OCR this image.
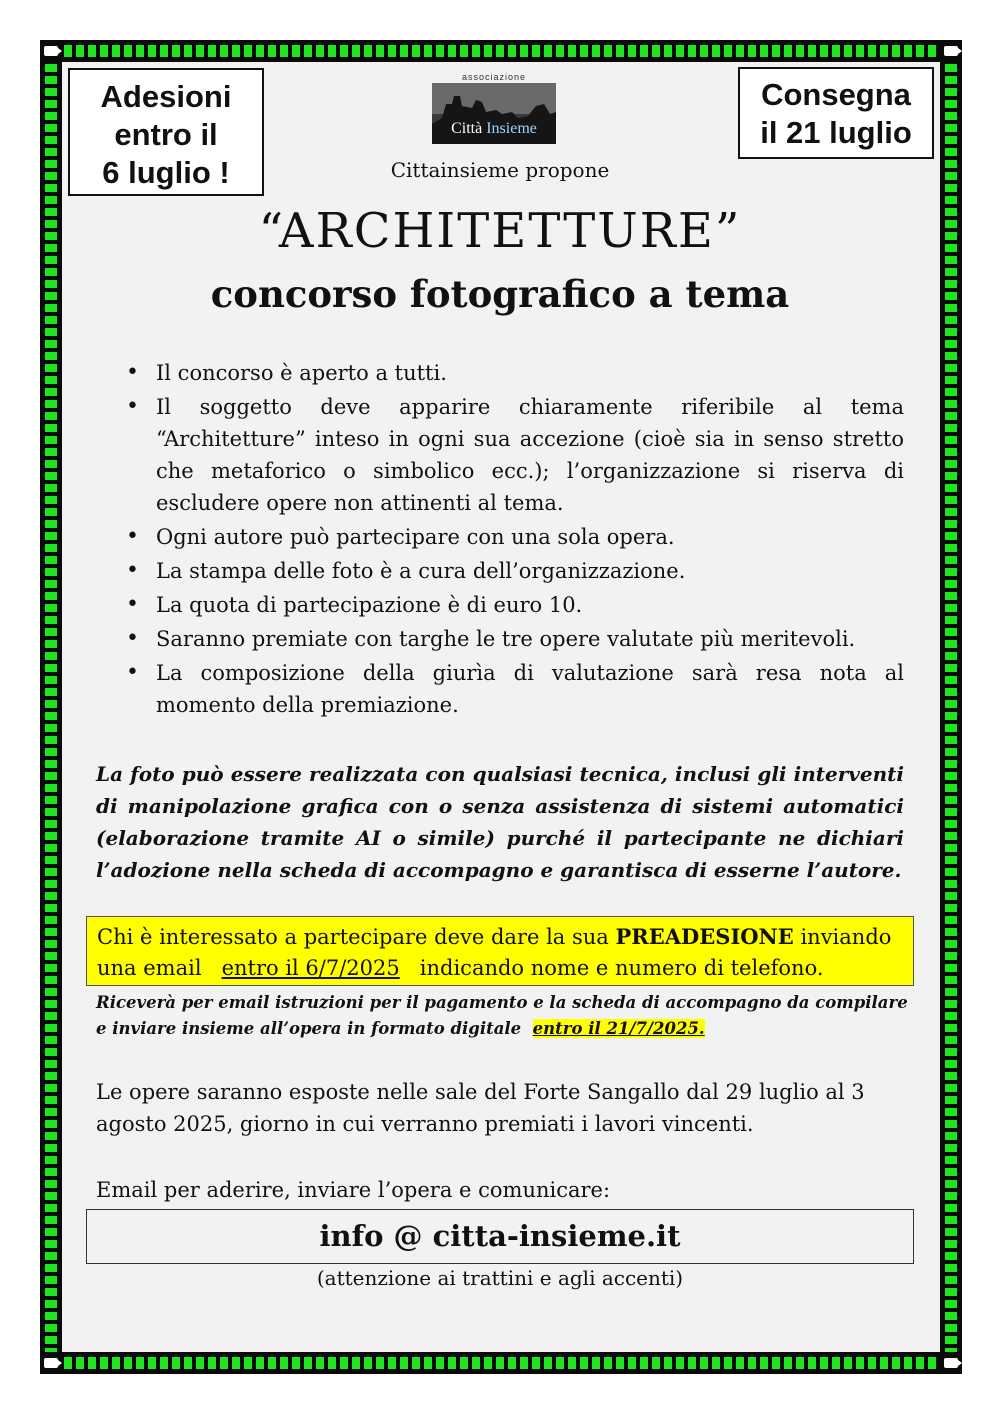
Adesioni
entro il
6 luglio !
Consegna
il 21 luglio
associazione
Città Insieme
Cittainsieme propone
“ARCHITETTURE”
concorso fotografico a tema
• Il concorso è aperto a tutti.
• Il soggetto deve apparire chiaramente riferibile al tema “Architetture” inteso in ogni sua accezione (cioè sia in senso stretto che metaforico o simbolico ecc.); l’organizzazione si riserva di escludere opere non attinenti al tema.
• Ogni autore può partecipare con una sola opera.
• La stampa delle foto è a cura dell’organizzazione.
• La quota di partecipazione è di euro 10.
• Saranno premiate con targhe le tre opere valutate più meritevoli.
• La composizione della giurìa di valutazione sarà resa nota al momento della premiazione.
La foto può essere realizzata con qualsiasi tecnica, inclusi gli interventi di manipolazione grafica con o senza assistenza di sistemi automatici (elaborazione tramite AI o simile) purché il partecipante ne dichiari l’adozione nella scheda di accompagno e garantisca di esserne l’autore.
Chi è interessato a partecipare deve dare la sua PREADESIONE inviando una email entro il 6/7/2025 indicando nome e numero di telefono.
Riceverà per email istruzioni per il pagamento e la scheda di accompagno da compilare e inviare insieme all’opera in formato digitale entro il 21/7/2025.
Le opere saranno esposte nelle sale del Forte Sangallo dal 29 luglio al 3 agosto 2025, giorno in cui verranno premiati i lavori vincenti.
Email per aderire, inviare l’opera e comunicare:
info @ citta-insieme.it
(attenzione ai trattini e agli accenti)
